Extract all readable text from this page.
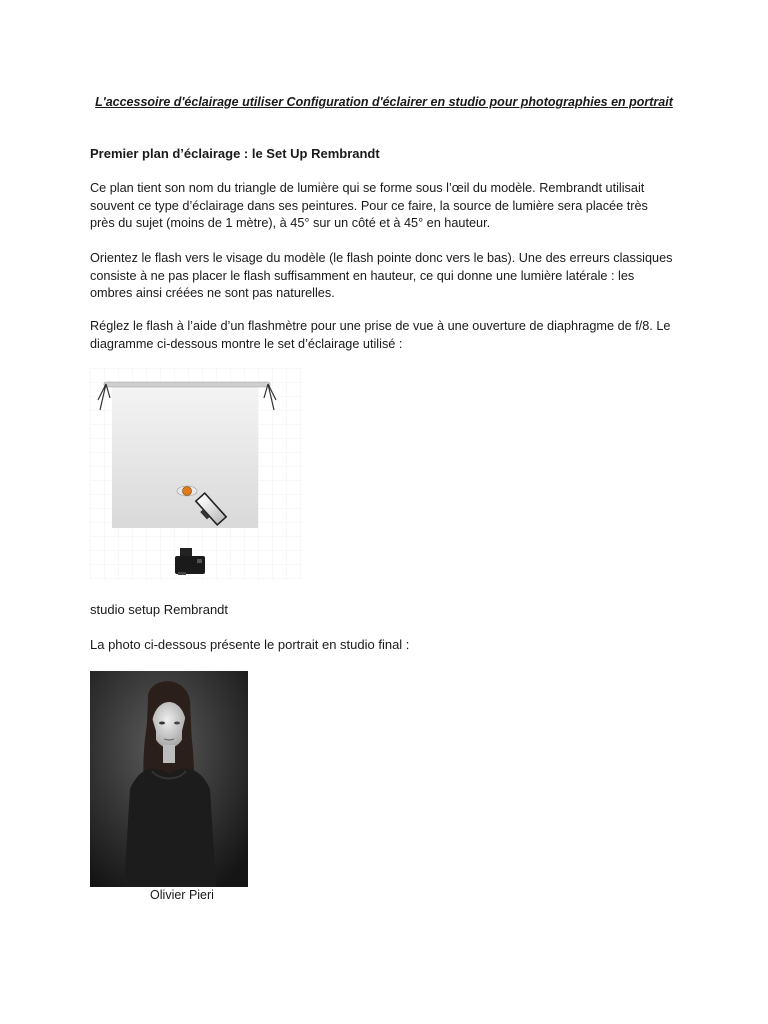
L'accessoire d'éclairage utiliser Configuration d'éclairer en studio pour photographies en portrait
Premier plan d’éclairage : le Set Up Rembrandt

Ce plan tient son nom du triangle de lumière qui se forme sous l’œil du modèle. Rembrandt utilisait souvent ce type d’éclairage dans ses peintures. Pour ce faire, la source de lumière sera placée très près du sujet (moins de 1 mètre), à 45° sur un côté et à 45° en hauteur.

Orientez le flash vers le visage du modèle (le flash pointe donc vers le bas). Une des erreurs classiques consiste à ne pas placer le flash suffisamment en hauteur, ce qui donne une lumière latérale : les ombres ainsi créées ne sont pas naturelles.

Réglez le flash à l’aide d’un flashmètre pour une prise de vue à une ouverture de diaphragme de f/8. Le diagramme ci-dessous montre le set d’éclairage utilisé :

studio setup Rembrandt
La photo ci-dessous présente le portrait en studio final :
Olivier Pieri
